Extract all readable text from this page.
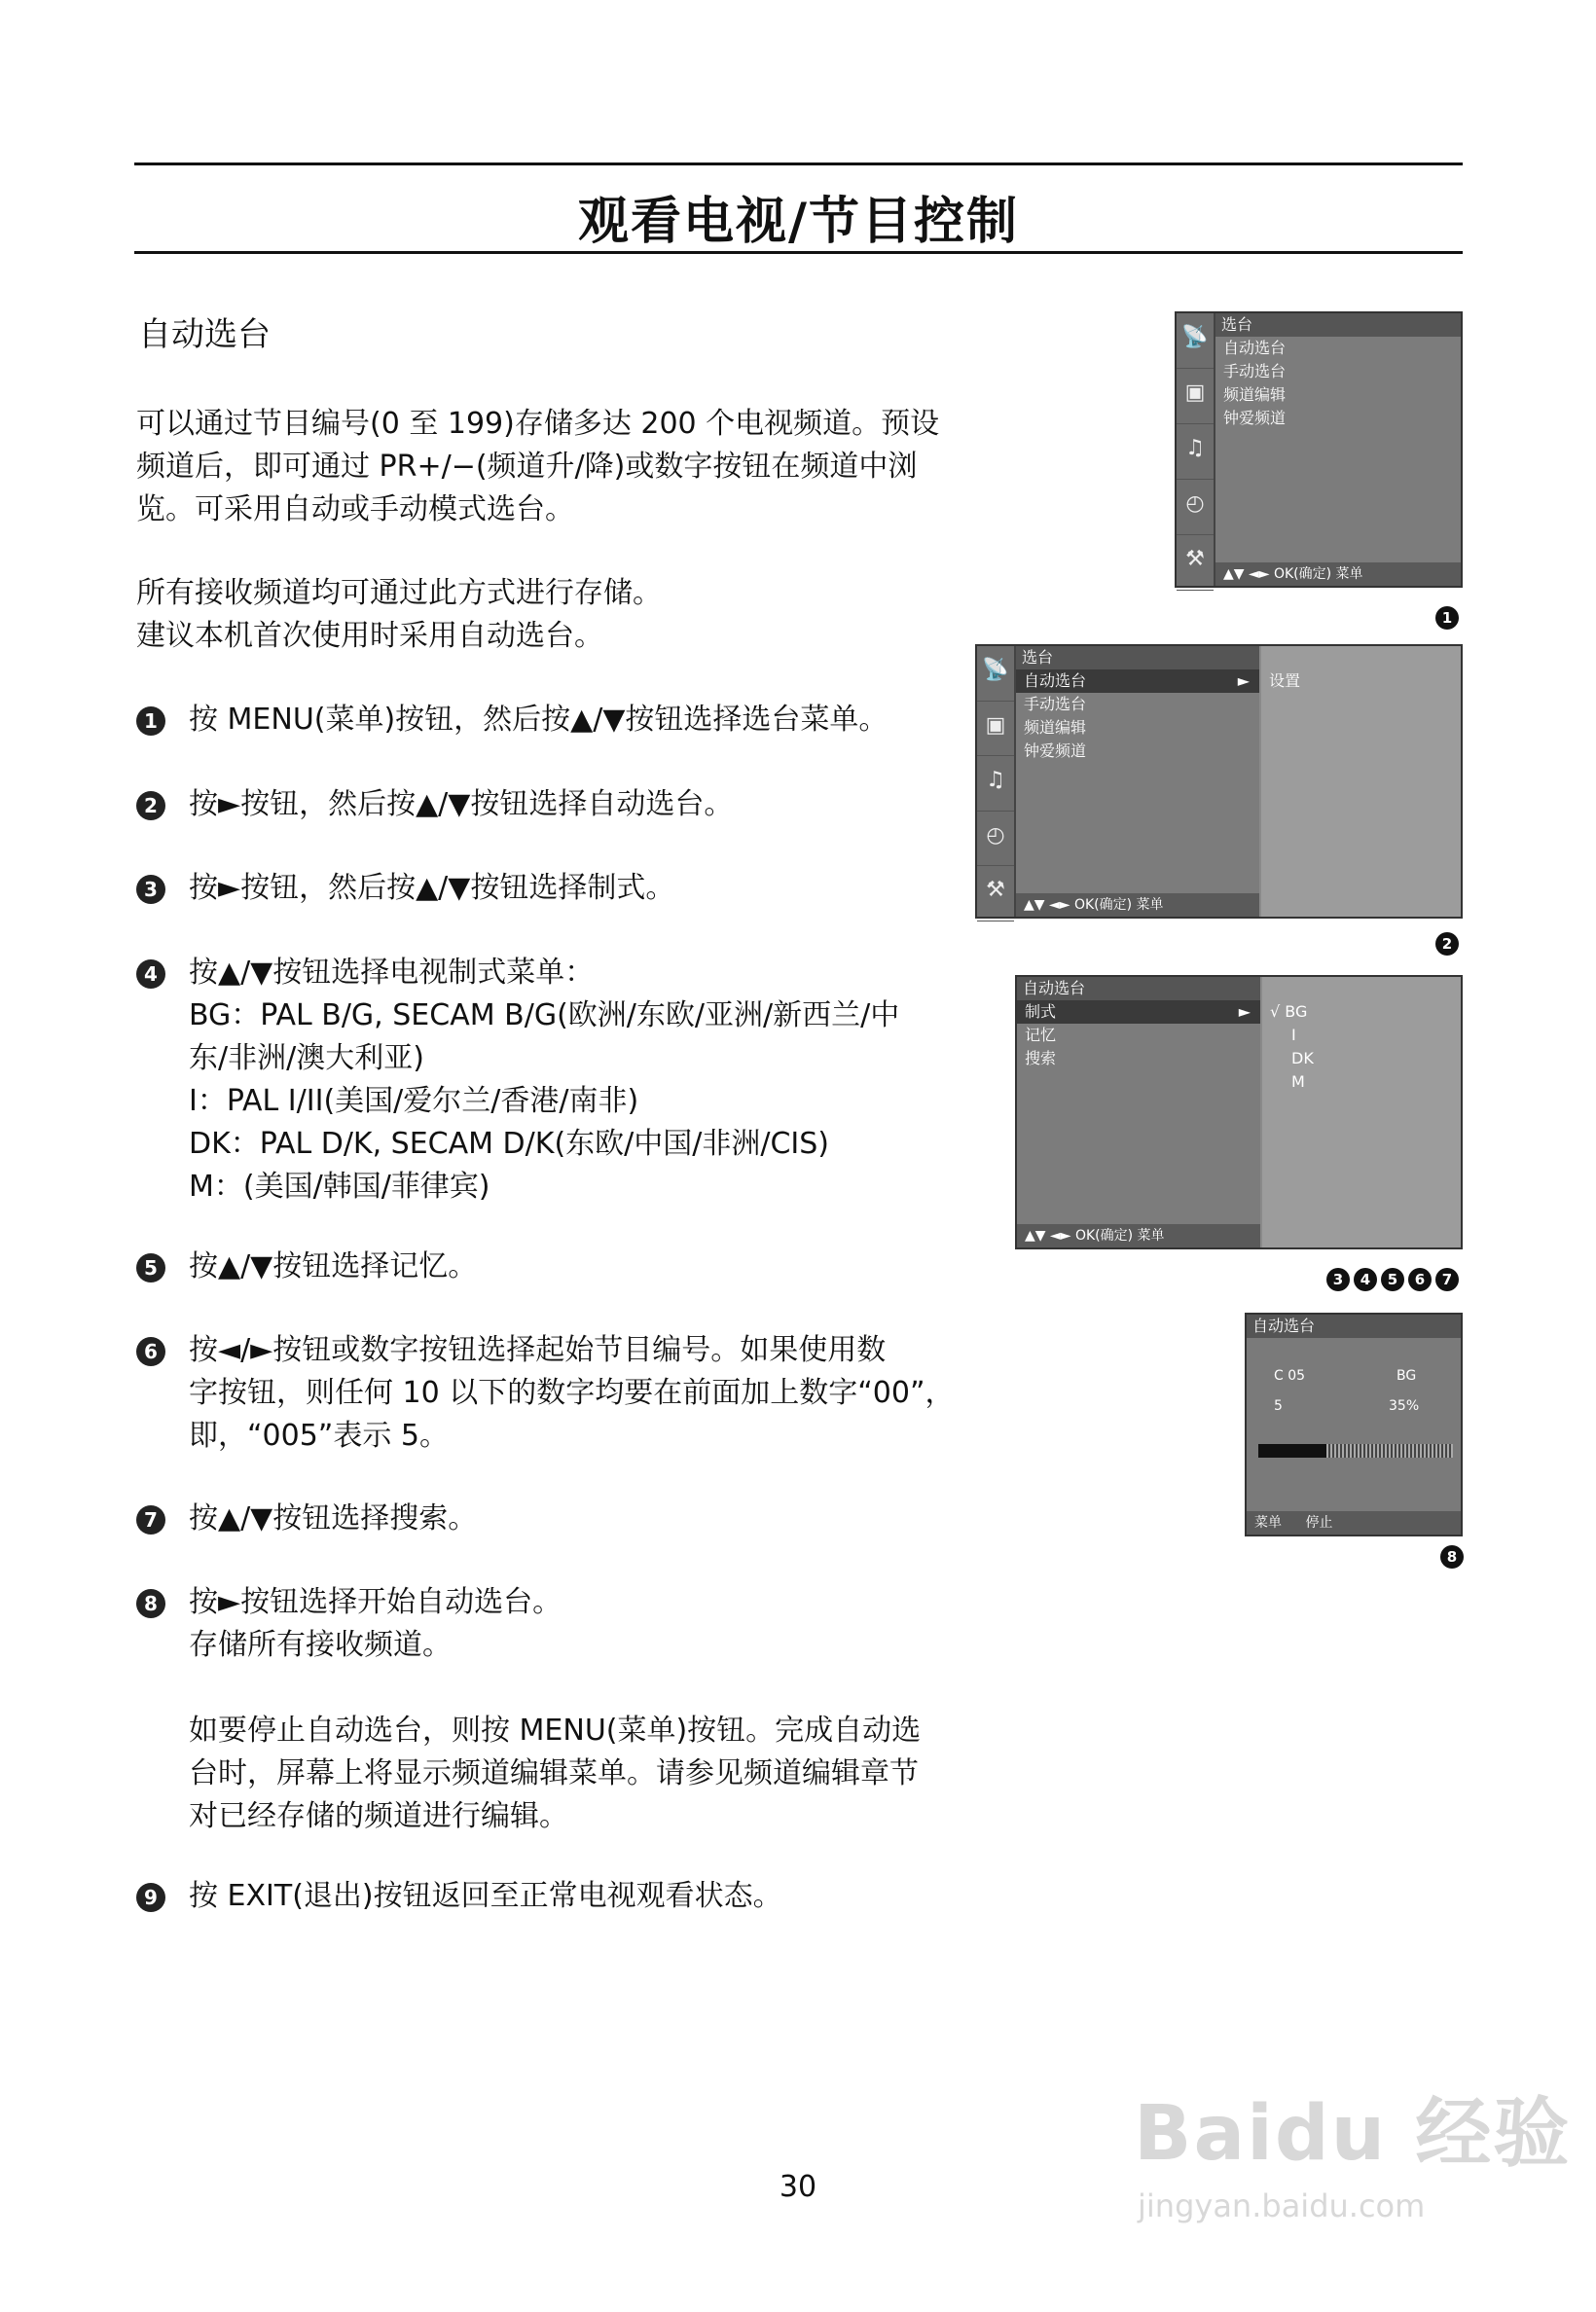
观看电视/节目控制
自动选台
可以通过节目编号(0 至 199)存储多达 200 个电视频道。预设
频道后，即可通过 PR+/−(频道升/降)或数字按钮在频道中浏
览。可采用自动或手动模式选台。
所有接收频道均可通过此方式进行存储。
建议本机首次使用时采用自动选台。
1 按 MENU(菜单)按钮，然后按▲/▼按钮选择选台菜单。
2 按►按钮，然后按▲/▼按钮选择自动选台。
3 按►按钮，然后按▲/▼按钮选择制式。
4 按▲/▼按钮选择电视制式菜单：
BG：PAL B/G, SECAM B/G(欧洲/东欧/亚洲/新西兰/中
东/非洲/澳大利亚)
I：PAL I/II(美国/爱尔兰/香港/南非)
DK：PAL D/K, SECAM D/K(东欧/中国/非洲/CIS)
M：(美国/韩国/菲律宾)
5 按▲/▼按钮选择记忆。
6 按◄/►按钮或数字按钮选择起始节目编号。如果使用数
字按钮，则任何 10 以下的数字均要在前面加上数字“00”，
即，“005”表示 5。
7 按▲/▼按钮选择搜索。
8 按►按钮选择开始自动选台。
存储所有接收频道。
如要停止自动选台，则按 MENU(菜单)按钮。完成自动选
台时，屏幕上将显示频道编辑菜单。请参见频道编辑章节
对已经存储的频道进行编辑。
9 按 EXIT(退出)按钮返回至正常电视观看状态。
📡
▣
♫
◴
⚒
选台
自动选台
手动选台
频道编辑
钟爱频道
▲▼ ◄► OK(确定) 菜单
1
📡
▣
♫
◴
⚒
选台
自动选台	►
手动选台
频道编辑
钟爱频道
▲▼ ◄► OK(确定) 菜单
设置
2
自动选台
制式	►
记忆
搜索
▲▼ ◄► OK(确定) 菜单
√ BG
I
DK
M
3	4	5	6	7
自动选台
C 05	BG
5	35%
菜单 停止
8
30
Baidu 经验
jingyan.baidu.com
